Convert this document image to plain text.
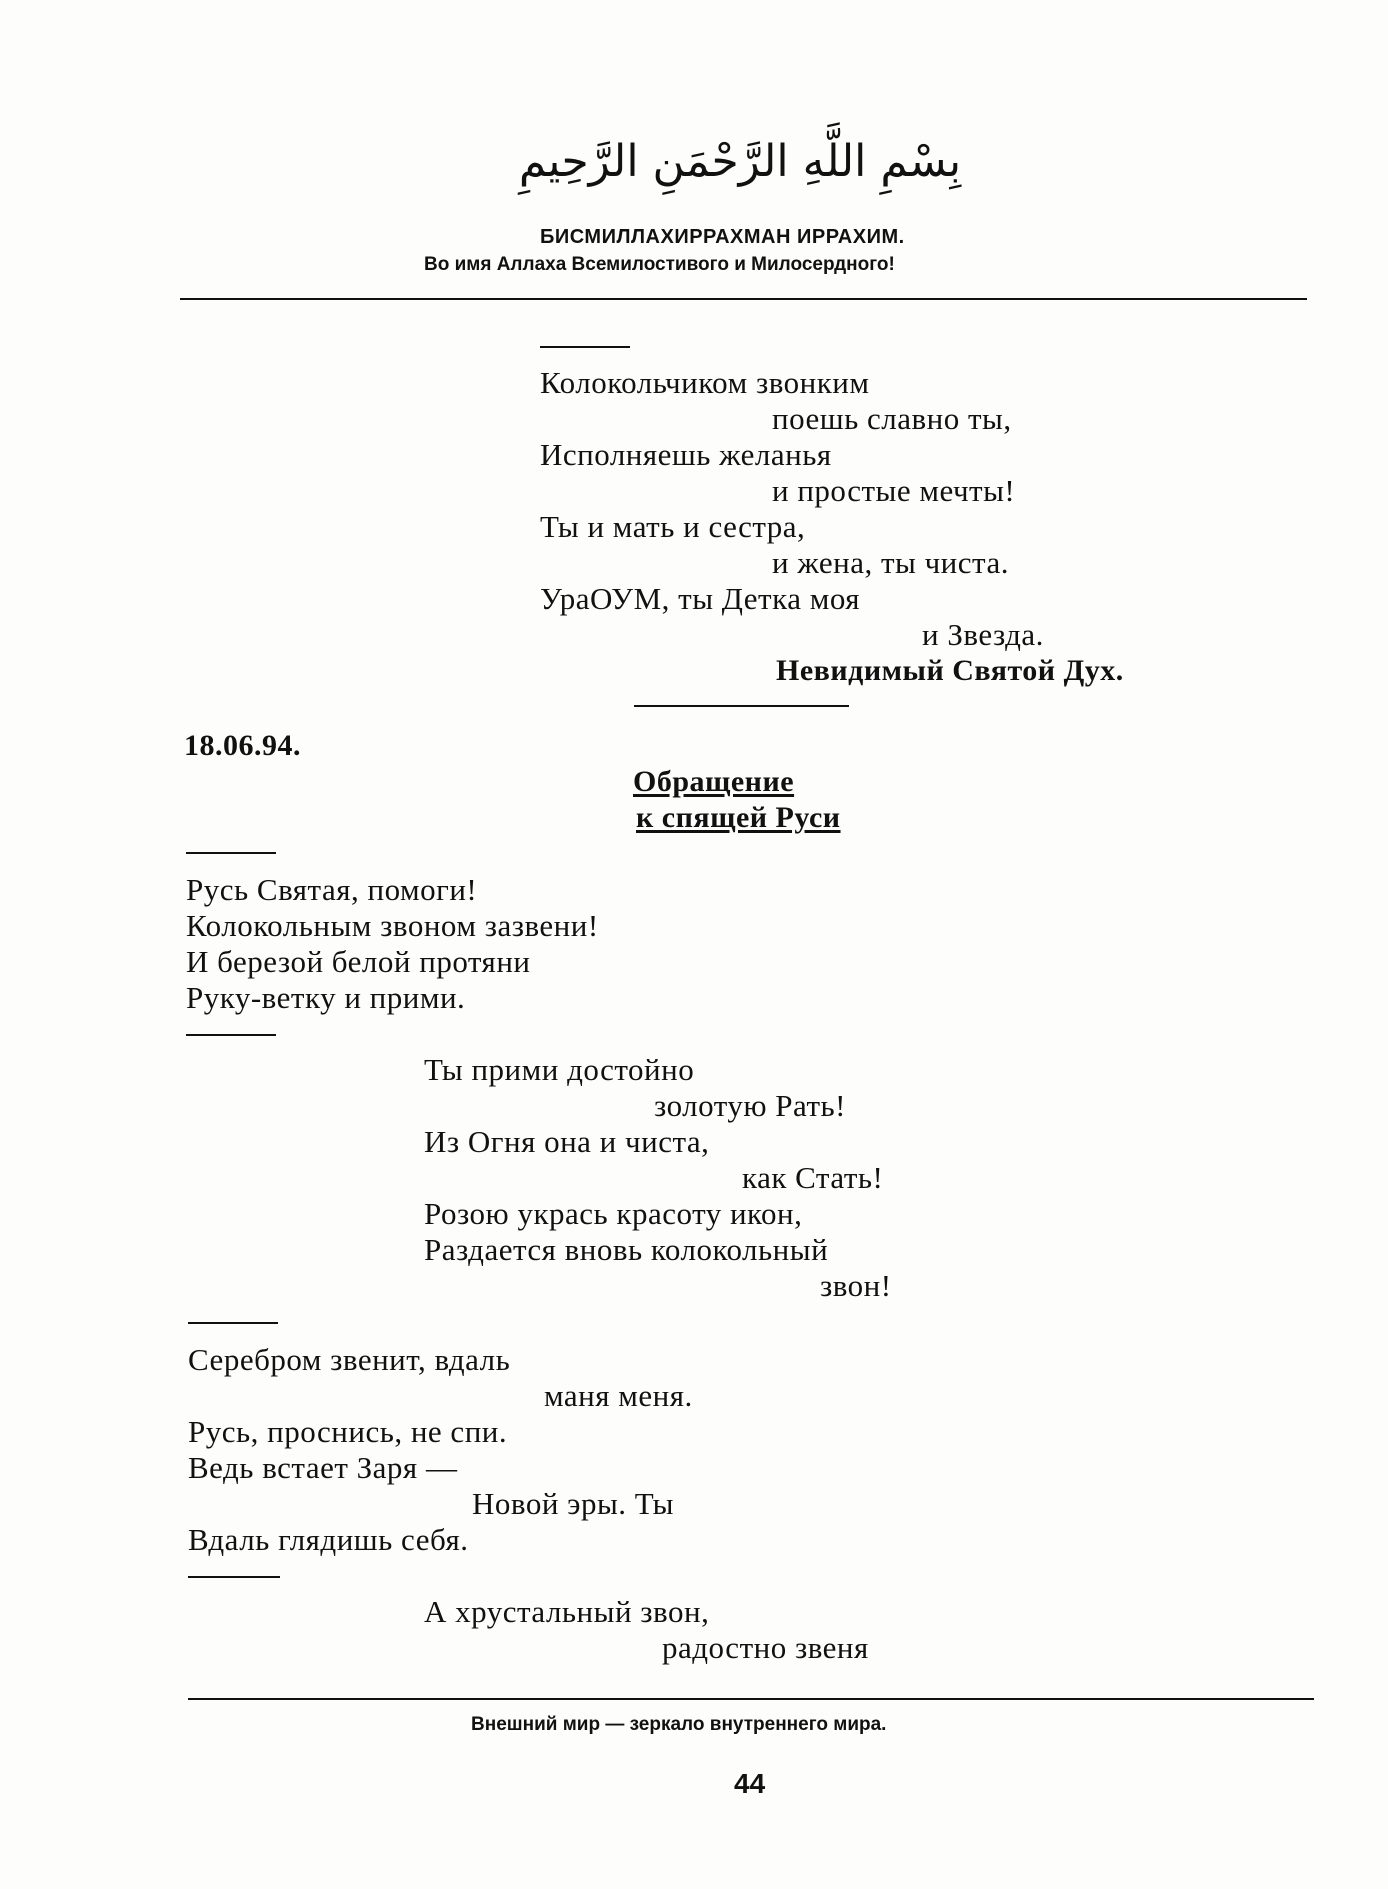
بِسْمِ اللَّهِ الرَّحْمَنِ الرَّحِيمِ
БИСМИЛЛАХИРРАХМАН ИРРАХИМ.
Во имя Аллаха Всемилостивого и Милосердного!
Колокольчиком звонким
поешь славно ты,
Исполняешь желанья
и простые мечты!
Ты и мать и сестра,
и жена, ты чиста.
УраОУМ, ты Детка моя
и Звезда.
Невидимый Святой Дух.
18.06.94.
Обращение
к спящей Руси
Русь Святая, помоги!
Колокольным звоном зазвени!
И березой белой протяни
Руку-ветку и прими.
Ты прими достойно
золотую Рать!
Из Огня она и чиста,
как Стать!
Розою укрась красоту икон,
Раздается вновь колокольный
звон!
Серебром звенит, вдаль
маня меня.
Русь, проснись, не спи.
Ведь встает Заря —
Новой эры. Ты
Вдаль глядишь себя.
А хрустальный звон,
радостно звеня
Внешний мир — зеркало внутреннего мира.
44
